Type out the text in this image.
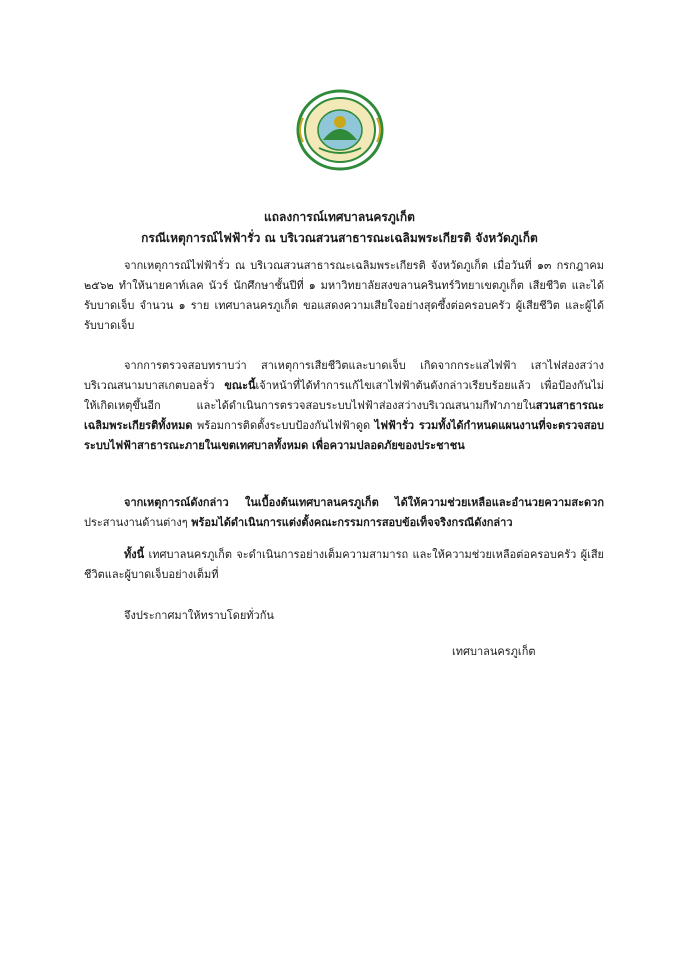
แถลงการณ์เทศบาลนครภูเก็ต
กรณีเหตุการณ์ไฟฟ้ารั่ว ณ บริเวณสวนสาธารณะเฉลิมพระเกียรติ จังหวัดภูเก็ต
จากเหตุการณ์ไฟฟ้ารั่ว ณ บริเวณสวนสาธารณะเฉลิมพระเกียรติ จังหวัดภูเก็ต เมื่อวันที่ ๑๓ กรกฎาคม ๒๕๖๒ ทำให้นายคาท์เลค นัวร์ นักศึกษาชั้นปีที่ ๑ มหาวิทยาลัยสงขลานครินทร์วิทยาเขตภูเก็ต เสียชีวิต และได้รับบาดเจ็บ จำนวน ๑ ราย เทศบาลนครภูเก็ต ขอแสดงความเสียใจอย่างสุดซึ้งต่อครอบครัว ผู้เสียชีวิต และผู้ได้รับบาดเจ็บ
จากการตรวจสอบทราบว่า สาเหตุการเสียชีวิตและบาดเจ็บ เกิดจากกระแสไฟฟ้า เสาไฟส่องสว่าง บริเวณสนามบาสเกตบอลรั่ว ขณะนี้เจ้าหน้าที่ได้ทำการแก้ไขเสาไฟฟ้าต้นดังกล่าวเรียบร้อยแล้ว เพื่อป้องกันไม่ให้เกิดเหตุขึ้นอีก และได้ดำเนินการตรวจสอบระบบไฟฟ้าส่องสว่างบริเวณสนามกีฬาภายในสวนสาธารณะเฉลิมพระเกียรติทั้งหมด พร้อมการติดตั้งระบบป้องกันไฟฟ้าดูด ไฟฟ้ารั่ว รวมทั้งได้กำหนดแผนงานที่จะตรวจสอบระบบไฟฟ้าสาธารณะภายในเขตเทศบาลทั้งหมด เพื่อความปลอดภัยของประชาชน
จากเหตุการณ์ดังกล่าว ในเบื้องต้นเทศบาลนครภูเก็ต ได้ให้ความช่วยเหลือและอำนวยความสะดวก ประสานงานด้านต่างๆ พร้อมได้ดำเนินการแต่งตั้งคณะกรรมการสอบข้อเท็จจริงกรณีดังกล่าว
ทั้งนี้ เทศบาลนครภูเก็ต จะดำเนินการอย่างเต็มความสามารถ และให้ความช่วยเหลือต่อครอบครัว ผู้เสียชีวิตและผู้บาดเจ็บอย่างเต็มที่
จึงประกาศมาให้ทราบโดยทั่วกัน
เทศบาลนครภูเก็ต
